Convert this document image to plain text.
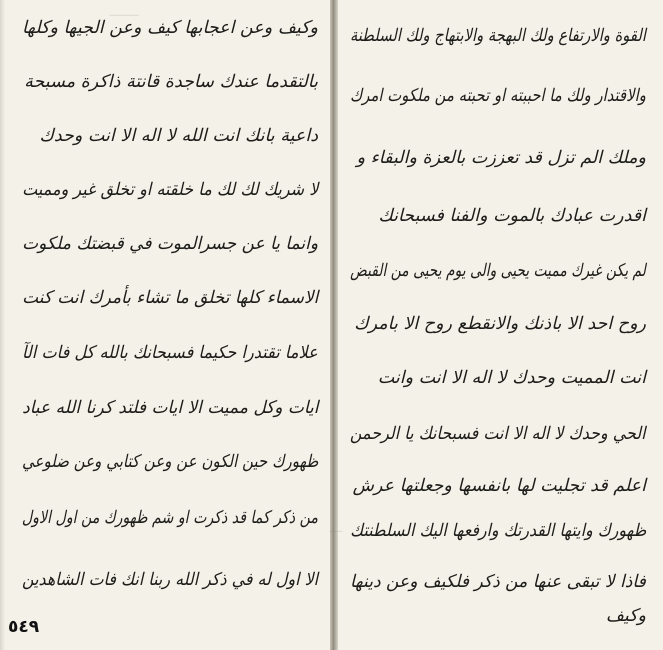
ـــــــ
ـــ
وكيف وعن اعجابها كيف وعن الجيها وكلها
بالتقدما عندك ساجدة قانتة ذاكرة مسبحة
داعية بانك انت الله لا اله الا انت وحدك
لا شريك لك لك ما خلقته او تخلق غير ومميت
وانما يا عن جسرالموت في قبضتك ملكوت
الاسماء كلها تخلق ما تشاء بأمرك انت كنت
علاما تقتدرا حكيما فسبحانك بالله كل فات الآ
ايات وكل مميت الا ايات فلتد كرنا الله عباد
ظهورك حين الكون عن وعن كتابي وعن ضلوعي
من ذكر كما قد ذكرت او شم ظهورك من اول الاول
الا اول له في ذكر الله ربنا انك فات الشاهدين
القوة والارتفاع ولك البهجة والابتهاج ولك السلطنة
والاقتدار ولك ما احببته او تحبته من ملكوت امرك
وملك الم تزل قد تعززت بالعزة والبقاء و
اقدرت عبادك بالموت والفنا فسبحانك
لم يكن غيرك مميت يحيى والى يوم يحيى من القبض
روح احد الا باذنك والانقطع روح الا بامرك
انت المميت وحدك لا اله الا انت وانت
الحي وحدك لا اله الا انت فسبحانك يا الرحمن
اعلم قد تجليت لها بانفسها وجعلتها عرش
ظهورك وايتها القدرتك وارفعها اليك السلطنتك
فاذا لا تبقى عنها من ذكر فلكيف وعن دينها
وكيف
٥٤٩
